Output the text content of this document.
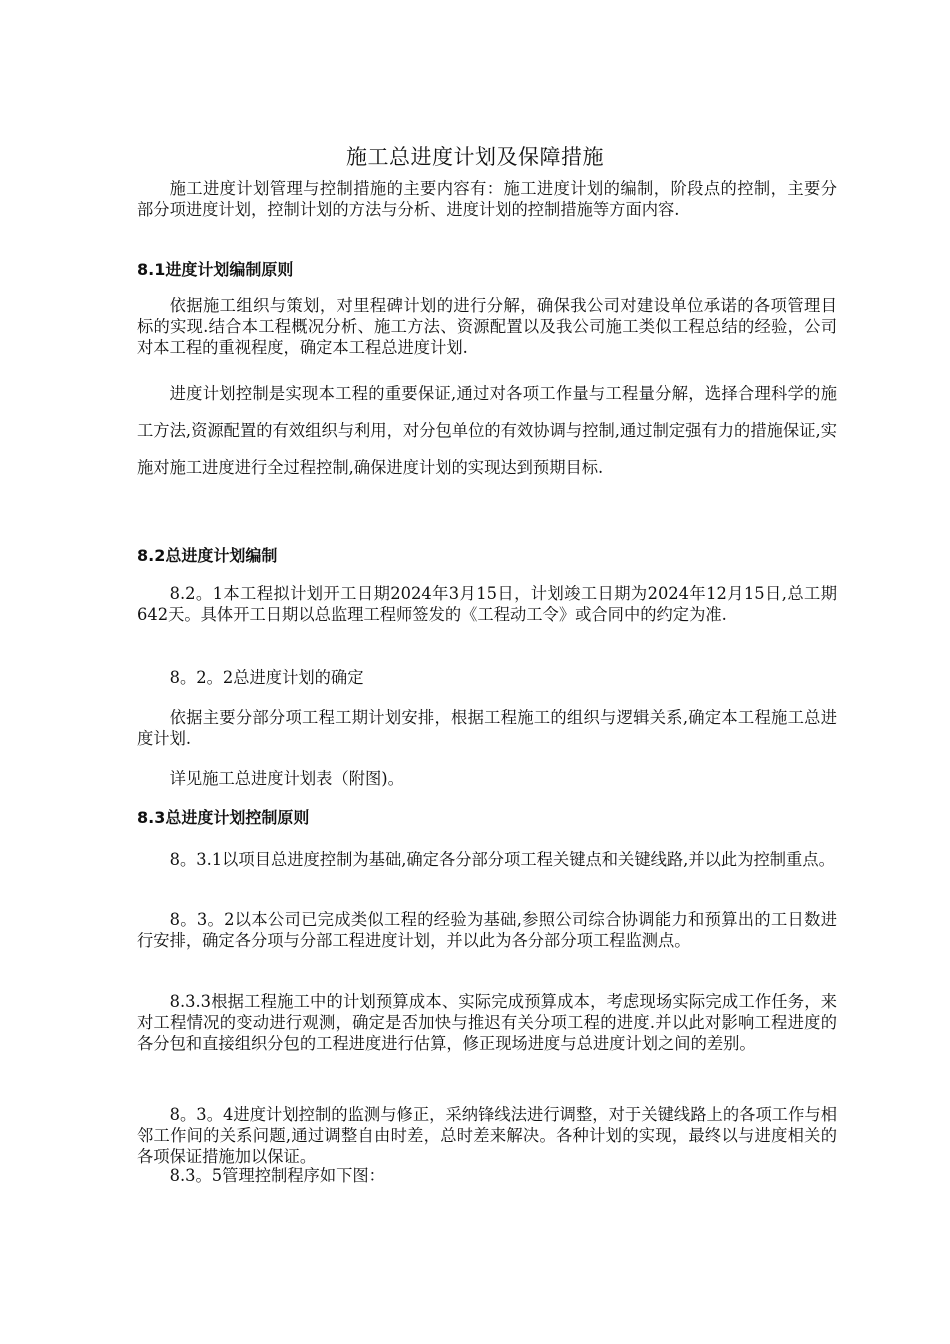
施工总进度计划及保障措施

施工进度计划管理与控制措施的主要内容有：施工进度计划的编制，阶段点的控制，主要分部分项进度计划，控制计划的方法与分析、进度计划的控制措施等方面内容.

8.1进度计划编制原则

依据施工组织与策划，对里程碑计划的进行分解，确保我公司对建设单位承诺的各项管理目标的实现.结合本工程概况分析、施工方法、资源配置以及我公司施工类似工程总结的经验，公司对本工程的重视程度，确定本工程总进度计划.

进度计划控制是实现本工程的重要保证,通过对各项工作量与工程量分解，选择合理科学的施工方法,资源配置的有效组织与利用，对分包单位的有效协调与控制,通过制定强有力的措施保证,实施对施工进度进行全过程控制,确保进度计划的实现达到预期目标.

8.2总进度计划编制

8.2。1本工程拟计划开工日期2024年3月15日，计划竣工日期为2024年12月15日,总工期642天。具体开工日期以总监理工程师签发的《工程动工令》或合同中的约定为准.

8。2。2总进度计划的确定

依据主要分部分项工程工期计划安排，根据工程施工的组织与逻辑关系,确定本工程施工总进度计划.

详见施工总进度计划表（附图)。

8.3总进度计划控制原则

8。3.1以项目总进度控制为基础,确定各分部分项工程关键点和关键线路,并以此为控制重点。

8。3。2以本公司已完成类似工程的经验为基础,参照公司综合协调能力和预算出的工日数进行安排，确定各分项与分部工程进度计划，并以此为各分部分项工程监测点。

8.3.3根据工程施工中的计划预算成本、实际完成预算成本，考虑现场实际完成工作任务，来对工程情况的变动进行观测，确定是否加快与推迟有关分项工程的进度.并以此对影响工程进度的各分包和直接组织分包的工程进度进行估算，修正现场进度与总进度计划之间的差别。

8。3。4进度计划控制的监测与修正，采纳锋线法进行调整，对于关键线路上的各项工作与相邻工作间的关系问题,通过调整自由时差，总时差来解决。各种计划的实现，最终以与进度相关的各项保证措施加以保证。

8.3。5管理控制程序如下图：
